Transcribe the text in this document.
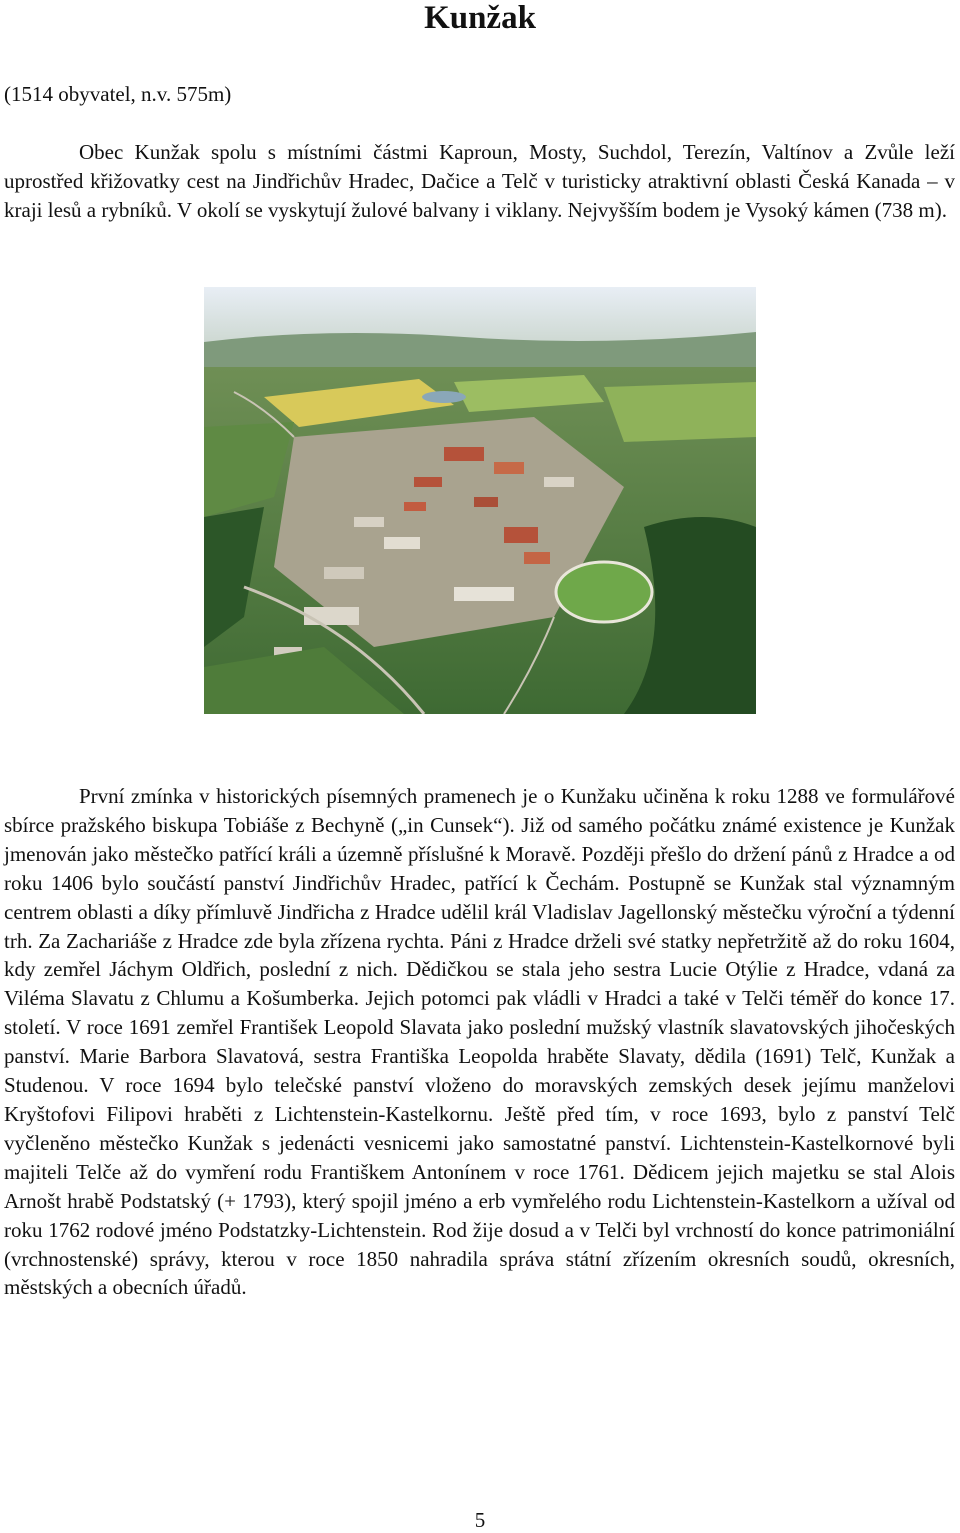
Kunžak
(1514 obyvatel, n.v. 575m)

Obec Kunžak spolu s místními částmi Kaproun, Mosty, Suchdol, Terezín, Valtínov a Zvůle leží uprostřed křižovatky cest na Jindřichův Hradec, Dačice a Telč v turisticky atraktivní oblasti Česká Kanada – v kraji lesů a rybníků. V okolí se vyskytují žulové balvany i viklany. Nejvyšším bodem je Vysoký kámen (738 m).

První zmínka v historických písemných pramenech je o Kunžaku učiněna k roku 1288 ve formulářové sbírce pražského biskupa Tobiáše z Bechyně („in Cunsek“). Již od samého počátku známé existence je Kunžak jmenován jako městečko patřící králi a územně příslušné k Moravě. Později přešlo do držení pánů z Hradce a od roku 1406 bylo součástí panství Jindřichův Hradec, patřící k Čechám. Postupně se Kunžak stal významným centrem oblasti a díky přímluvě Jindřicha z Hradce udělil král Vladislav Jagellonský městečku výroční a týdenní trh. Za Zachariáše z Hradce zde byla zřízena rychta. Páni z Hradce drželi své statky nepřetržitě až do roku 1604, kdy zemřel Jáchym Oldřich, poslední z nich. Dědičkou se stala jeho sestra Lucie Otýlie z Hradce, vdaná za Viléma Slavatu z Chlumu a Košumberka. Jejich potomci pak vládli v Hradci a také v Telči téměř do konce 17. století. V roce 1691 zemřel František Leopold Slavata jako poslední mužský vlastník slavatovských jihočeských panství. Marie Barbora Slavatová, sestra Františka Leopolda hraběte Slavaty, dědila (1691) Telč, Kunžak a Studenou. V roce 1694 bylo telečské panství vloženo do moravských zemských desek jejímu manželovi Kryštofovi Filipovi hraběti z Lichtenstein-Kastelkornu. Ještě před tím, v roce 1693, bylo z panství Telč vyčleněno městečko Kunžak s jedenácti vesnicemi jako samostatné panství. Lichtenstein-Kastelkornové byli majiteli Telče až do vymření rodu Františkem Antonínem v roce 1761. Dědicem jejich majetku se stal Alois Arnošt hrabě Podstatský (+ 1793), který spojil jméno a erb vymřelého rodu Lichtenstein-Kastelkorn a užíval od roku 1762 rodové jméno Podstatzky-Lichtenstein. Rod žije dosud a v Telči byl vrchností do konce patrimoniální (vrchnostenské) správy, kterou v roce 1850 nahradila správa státní zřízením okresních soudů, okresních, městských a obecních úřadů.

5
